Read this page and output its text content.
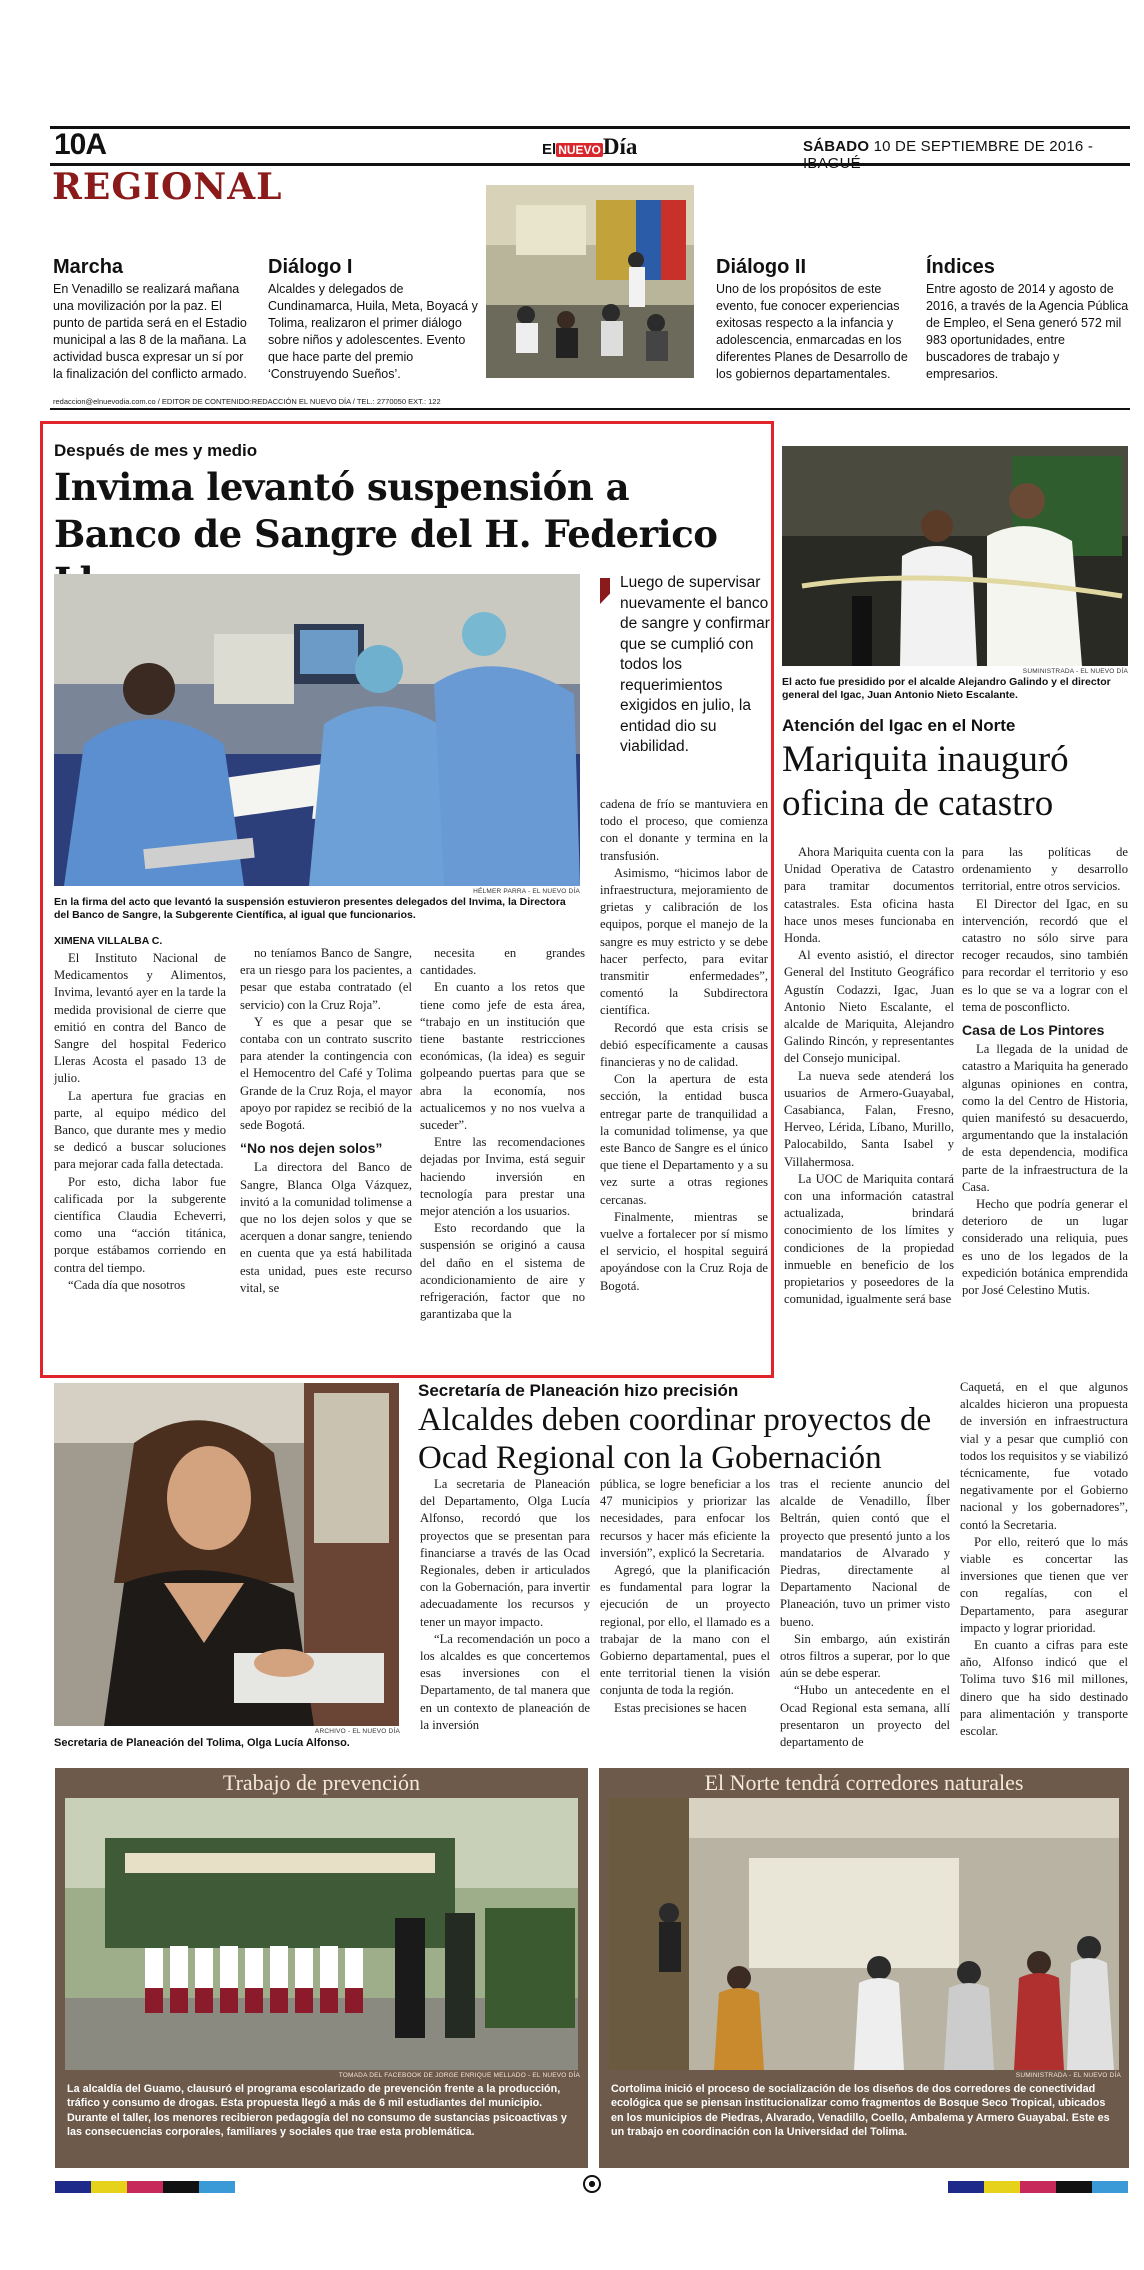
10A	El NUEVODía	SÁBADO 10 DE SEPTIEMBRE DE 2016 -
REGIONAL
Marcha

En Venadillo se realizará mañana una movilización por la paz. El punto de partida será en el Estadio municipal a las 8 de la mañana. La actividad busca expresar un sí por la finalización del conflicto armado.

Diálogo I

Alcaldes y delegados de Cundinamarca, Huila, Meta, Boyacá y Tolima, realizaron el primer diálogo sobre niños y adolescentes. Evento que hace parte del premio ‘Construyendo Sueños’.

Diálogo II

Uno de los propósitos de este evento, fue conocer experiencias exitosas respecto a la infancia y adolescencia, enmarcadas en los diferentes Planes de Desarrollo de los gobiernos departamentales.

Índices

Entre agosto de 2014 y agosto de 2016, a través de la Agencia Pública de Empleo, el Sena generó 572 mil 983 oportunidades, entre buscadores de trabajo y empresarios.

redaccion@elnuevodia.com.co / EDITOR DE CONTENIDO:REDACCIÓN EL NUEVO DÍA / TEL.: 2770050 EXT.: 122
Después de mes y medio
Invima levantó suspensión a Banco de Sangre del H. Federico
HÉLMER PARRA - EL NUEVO DÍA
En la firma del acto que levantó la suspensión estuvieron presentes delegados del Invima, la Directora del Banco de Sangre, la Subgerente Científica, al igual que funcionarios.
Luego de supervisar nuevamente el banco de sangre y confirmar que se cumplió con todos los requerimientos exigidos en julio, la entidad dio su viabilidad.
XIMENA VILLALBA C.

El Instituto Nacional de Medicamentos y Alimentos, Invima, levantó ayer en la tarde la medida provisional de cierre que emitió en contra del Banco de Sangre del hospital Federico Lleras Acosta el pasado 13 de julio.

La apertura fue gracias en parte, al equipo médico del Banco, que durante mes y medio se dedicó a buscar soluciones para mejorar cada falla detectada.

Por esto, dicha labor fue calificada por la subgerente científica Claudia Echeverri, como una “acción titánica, porque estábamos corriendo en contra del tiempo.

“Cada día que nosotros

no teníamos Banco de Sangre, era un riesgo para los pacientes, a pesar que estaba contratado (el servicio) con la Cruz Roja”.

Y es que a pesar que se contaba con un contrato suscrito para atender la contingencia con el Hemocentro del Café y Tolima Grande de la Cruz Roja, el mayor apoyo por rapidez se recibió de la sede Bogotá.

“No nos dejen solos”

La directora del Banco de Sangre, Blanca Olga Vázquez, invitó a la comunidad tolimense a que no los dejen solos y que se acerquen a donar sangre, teniendo en cuenta que ya está habilitada esta unidad, pues este recurso vital, se

necesita en grandes cantidades.

En cuanto a los retos que tiene como jefe de esta área, “trabajo en un institución que tiene bastante restricciones económicas, (la idea) es seguir golpeando puertas para que se abra la economía, nos actualicemos y no nos vuelva a suceder”.

Entre las recomendaciones dejadas por Invima, está seguir haciendo inversión en tecnología para prestar una mejor atención a los usuarios.

Esto recordando que la suspensión se originó a causa del daño en el sistema de acondicionamiento de aire y refrigeración, factor que no garantizaba que la

cadena de frío se mantuviera en todo el proceso, que comienza con el donante y termina en la transfusión.

Asimismo, “hicimos labor de infraestructura, mejoramiento de grietas y calibración de los equipos, porque el manejo de la sangre es muy estricto y se debe hacer perfecto, para evitar transmitir enfermedades”, comentó la Subdirectora científica.

Recordó que esta crisis se debió específicamente a causas financieras y no de calidad.

Con la apertura de esta sección, la entidad busca entregar parte de tranquilidad a la comunidad tolimense, ya que este Banco de Sangre es el único que tiene el Departamento y a su vez surte a otras regiones cercanas.

Finalmente, mientras se vuelve a fortalecer por sí mismo el servicio, el hospital seguirá apoyándose con la Cruz Roja de Bogotá.

SUMINISTRADA - EL NUEVO DÍA
El acto fue presidido por el alcalde Alejandro Galindo y el director general del Igac, Juan Antonio Nieto Escalante.
Atención del Igac en el Norte
Mariquita inauguró oficina de catastro

Ahora Mariquita cuenta con la Unidad Operativa de Catastro para tramitar documentos catastrales. Esta oficina hasta hace unos meses funcionaba en Honda.

Al evento asistió, el director General del Instituto Geográfico Agustín Codazzi, Igac, Juan Antonio Nieto Escalante, el alcalde de Mariquita, Alejandro Galindo Rincón, y representantes del Consejo municipal.

La nueva sede atenderá los usuarios de Armero-Guayabal, Casabianca, Falan, Fresno, Herveo, Lérida, Líbano, Murillo, Palocabildo, Santa Isabel y Villahermosa.

La UOC de Mariquita contará con una información catastral actualizada, brindará conocimiento de los límites y condiciones de la propiedad inmueble en beneficio de los propietarios y poseedores de la comunidad, igualmente será base

para las políticas de ordenamiento y desarrollo territorial, entre otros servicios.

El Director del Igac, en su intervención, recordó que el catastro no sólo sirve para recoger recaudos, sino también para recordar el territorio y eso es lo que se va a lograr con el tema de posconflicto.

Casa de Los Pintores

La llegada de la unidad de catastro a Mariquita ha generado algunas opiniones en contra, como la del Centro de Historia, quien manifestó su desacuerdo, argumentando que la instalación de esta dependencia, modifica parte de la infraestructura de la Casa.

Hecho que podría generar el deterioro de un lugar considerado una reliquia, pues es uno de los legados de la expedición botánica emprendida por José Celestino Mutis.

ARCHIVO - EL NUEVO DÍA
Secretaria de Planeación del Tolima, Olga Lucía Alfonso.
Secretaría de Planeación hizo precisión
Alcaldes deben coordinar proyectos de Ocad Regional con la Gobernación

La secretaria de Planeación del Departamento, Olga Lucía Alfonso, recordó que los proyectos que se presentan para financiarse a través de las Ocad Regionales, deben ir articulados con la Gobernación, para invertir adecuadamente los recursos y tener un mayor impacto.

“La recomendación un poco a los alcaldes es que concertemos esas inversiones con el Departamento, de tal manera que en un contexto de planeación de la inversión

pública, se logre beneficiar a los 47 municipios y priorizar las necesidades, para enfocar los recursos y hacer más eficiente la inversión”, explicó la Secretaria.

Agregó, que la planificación es fundamental para lograr la ejecución de un proyecto regional, por ello, el llamado es a trabajar de la mano con el Gobierno departamental, pues el ente territorial tienen la visión conjunta de toda la región.

Estas precisiones se hacen

tras el reciente anuncio del alcalde de Venadillo, Ílber Beltrán, quien contó que el proyecto que presentó junto a los mandatarios de Alvarado y Piedras, directamente al Departamento Nacional de Planeación, tuvo un primer visto bueno.

Sin embargo, aún existirán otros filtros a superar, por lo que aún se debe esperar.

“Hubo un antecedente en el Ocad Regional esta semana, allí presentaron un proyecto del departamento de

Caquetá, en el que algunos alcaldes hicieron una propuesta de inversión en infraestructura vial y a pesar que cumplió con todos los requisitos y se viabilizó técnicamente, fue votado negativamente por el Gobierno nacional y los gobernadores”, contó la Secretaria.

Por ello, reiteró que lo más viable es concertar las inversiones que tienen que ver con regalías, con el Departamento, para asegurar impacto y lograr prioridad.

En cuanto a cifras para este año, Alfonso indicó que el Tolima tuvo $16 mil millones, dinero que ha sido destinado para alimentación y transporte escolar.

Trabajo de prevención
TOMADA DEL FACEBOOK DE JORGE ENRIQUE MELLADO - EL NUEVO DÍA
La alcaldía del Guamo, clausuró el programa escolarizado de prevención frente a la producción, tráfico y consumo de drogas. Esta propuesta llegó a más de 6 mil estudiantes del municipio. Durante el taller, los menores recibieron pedagogía del no consumo de sustancias psicoactivas y las consecuencias corporales, familiares y sociales que trae esta problemática.
El Norte tendrá corredores naturales
SUMINISTRADA - EL NUEVO DÍA
Cortolima inició el proceso de socialización de los diseños de dos corredores de conectividad ecológica que se piensan institucionalizar como fragmentos de Bosque Seco Tropical, ubicados en los municipios de Piedras, Alvarado, Venadillo, Coello, Ambalema y Armero Guayabal. Este es un trabajo en coordinación con la Universidad del Tolima.
